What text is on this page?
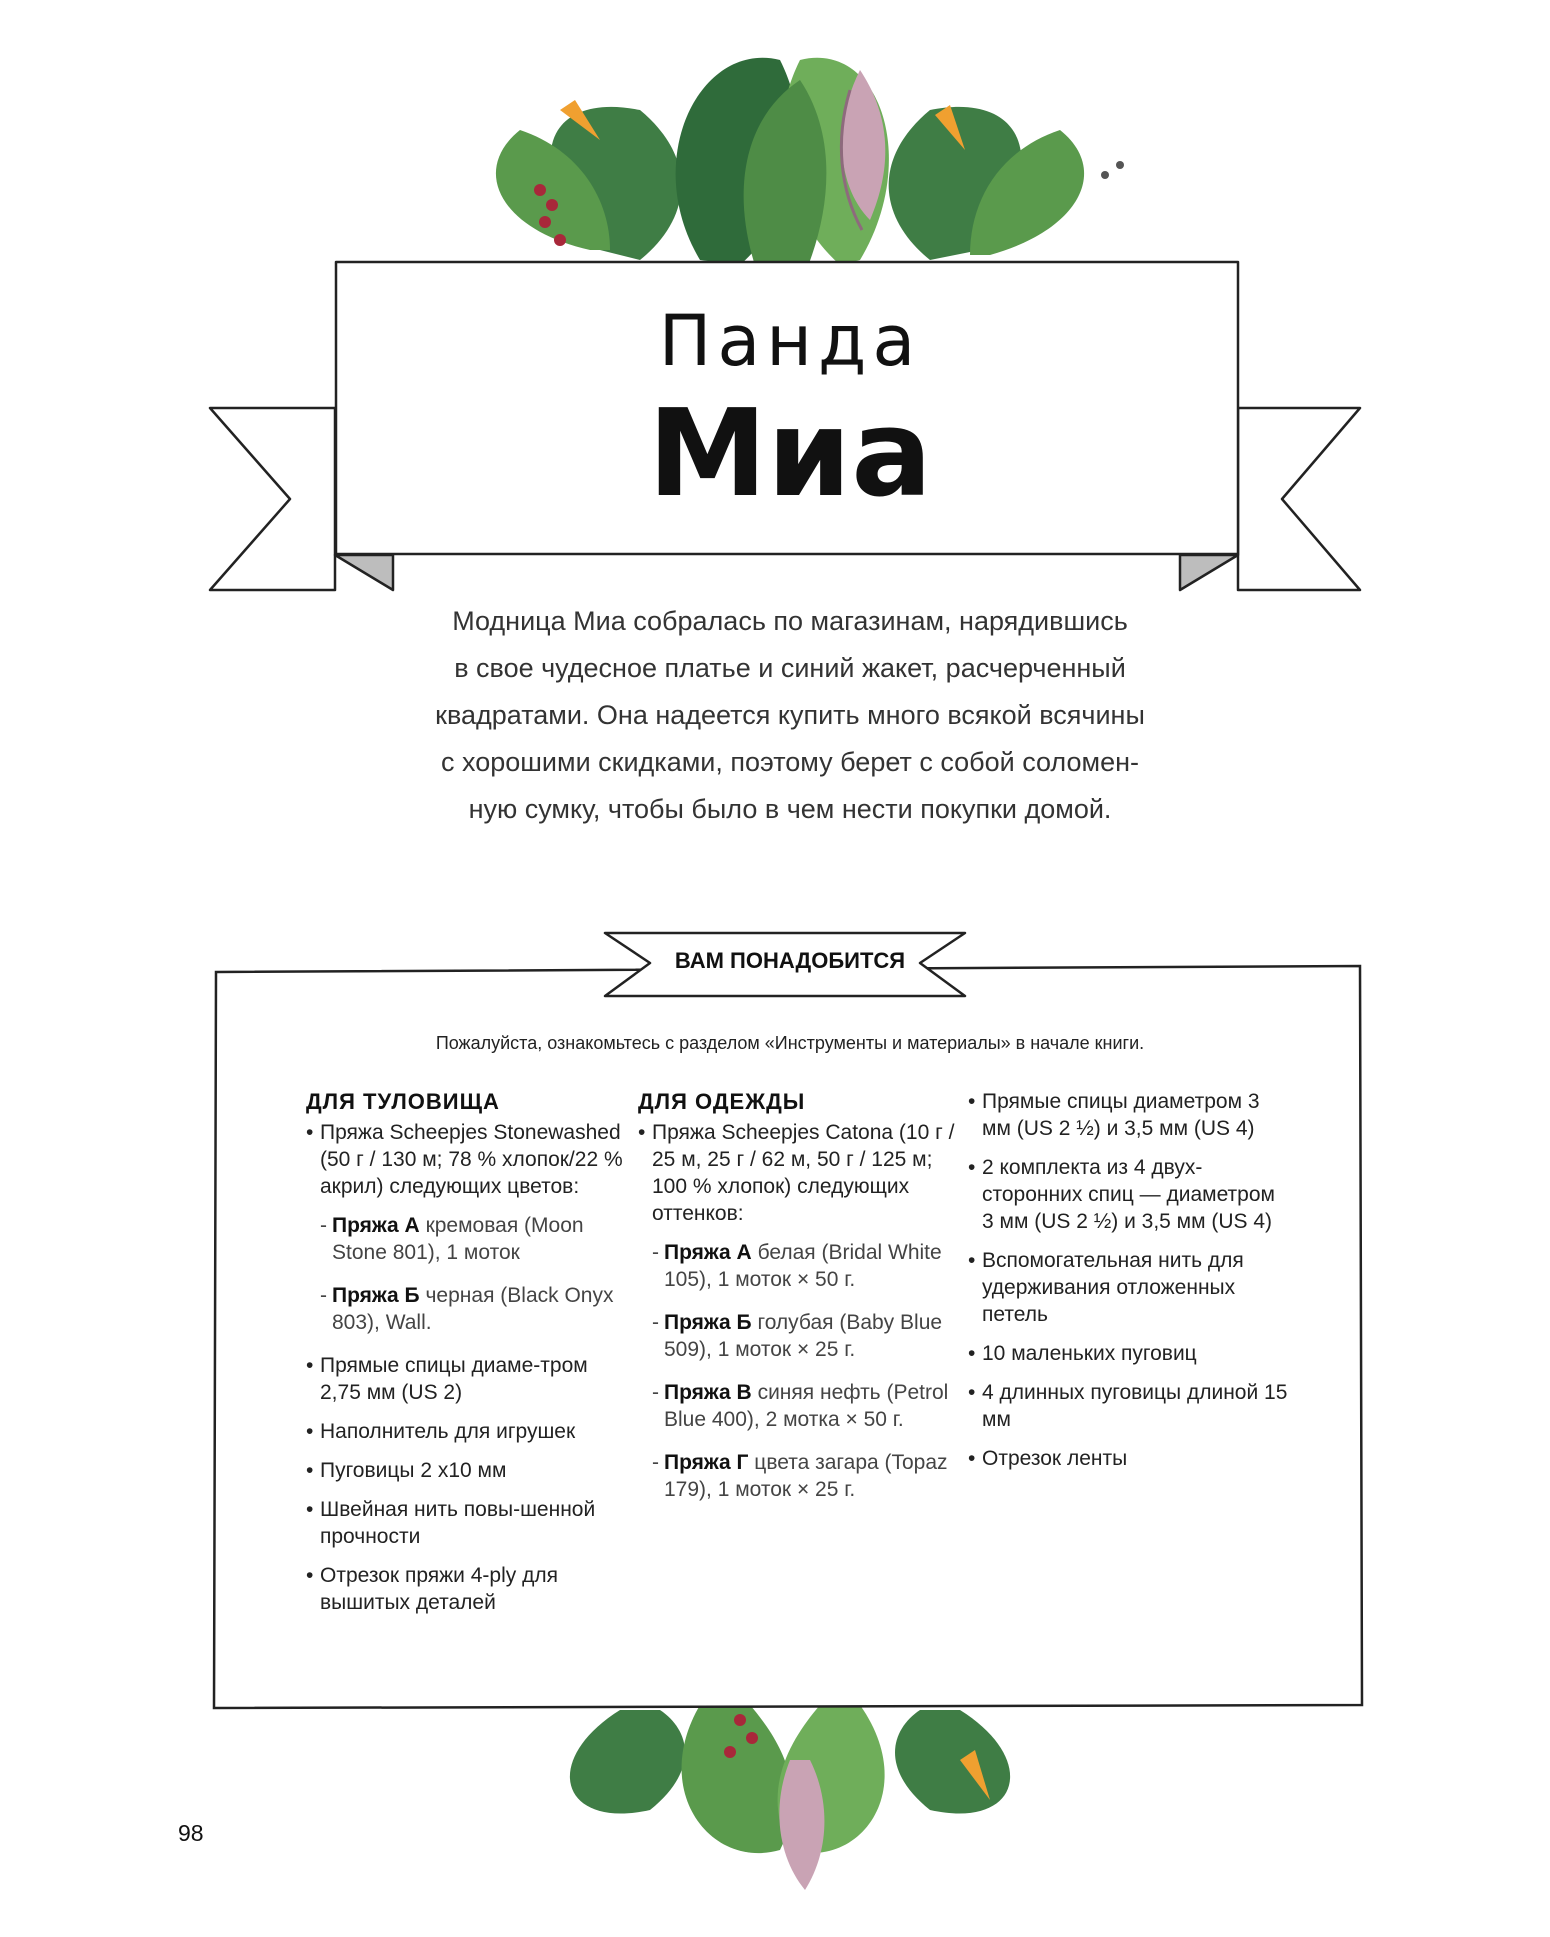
Панда
Миа
Модница Миа собралась по магазинам, нарядившись
в свое чудесное платье и синий жакет, расчерченный
квадратами. Она надеется купить много всякой всячины
с хорошими скидками, поэтому берет с собой соломен-
ную сумку, чтобы было в чем нести покупки домой.
ВАМ ПОНАДОБИТСЯ
Пожалуйста, ознакомьтесь с разделом «Инструменты и материалы» в начале книги.
ДЛЯ ТУЛОВИЩА
• Пряжа Scheepjes Stonewashed (50 г / 130 м; 78 % хлопок/22 % акрил) следующих цветов:
- Пряжа А кремовая (Moon Stone 801), 1 моток
- Пряжа Б черная (Black Onyx 803), Wall.
• Прямые спицы диаме-тром 2,75 мм (US 2)
• Наполнитель для игрушек
• Пуговицы 2 x10 мм
• Швейная нить повы-шенной прочности
• Отрезок пряжи 4-ply для вышитых деталей
ДЛЯ ОДЕЖДЫ
• Пряжа Scheepjes Catona (10 г / 25 м, 25 г / 62 м, 50 г / 125 м; 100 % хлопок) следующих оттенков:
- Пряжа А белая (Bridal White 105), 1 моток × 50 г.
- Пряжа Б голубая (Baby Blue 509), 1 моток × 25 г.
- Пряжа В синяя нефть (Petrol Blue 400), 2 мотка × 50 г.
- Пряжа Г цвета загара (Topaz 179), 1 моток × 25 г.
• Прямые спицы диаметром 3 мм (US 2 ½) и 3,5 мм (US 4)
• 2 комплекта из 4 двух-сторонних спиц — диаметром 3 мм (US 2 ½) и 3,5 мм (US 4)
• Вспомогательная нить для удерживания отложенных петель
• 10 маленьких пуговиц
• 4 длинных пуговицы длиной 15 мм
• Отрезок ленты
98
